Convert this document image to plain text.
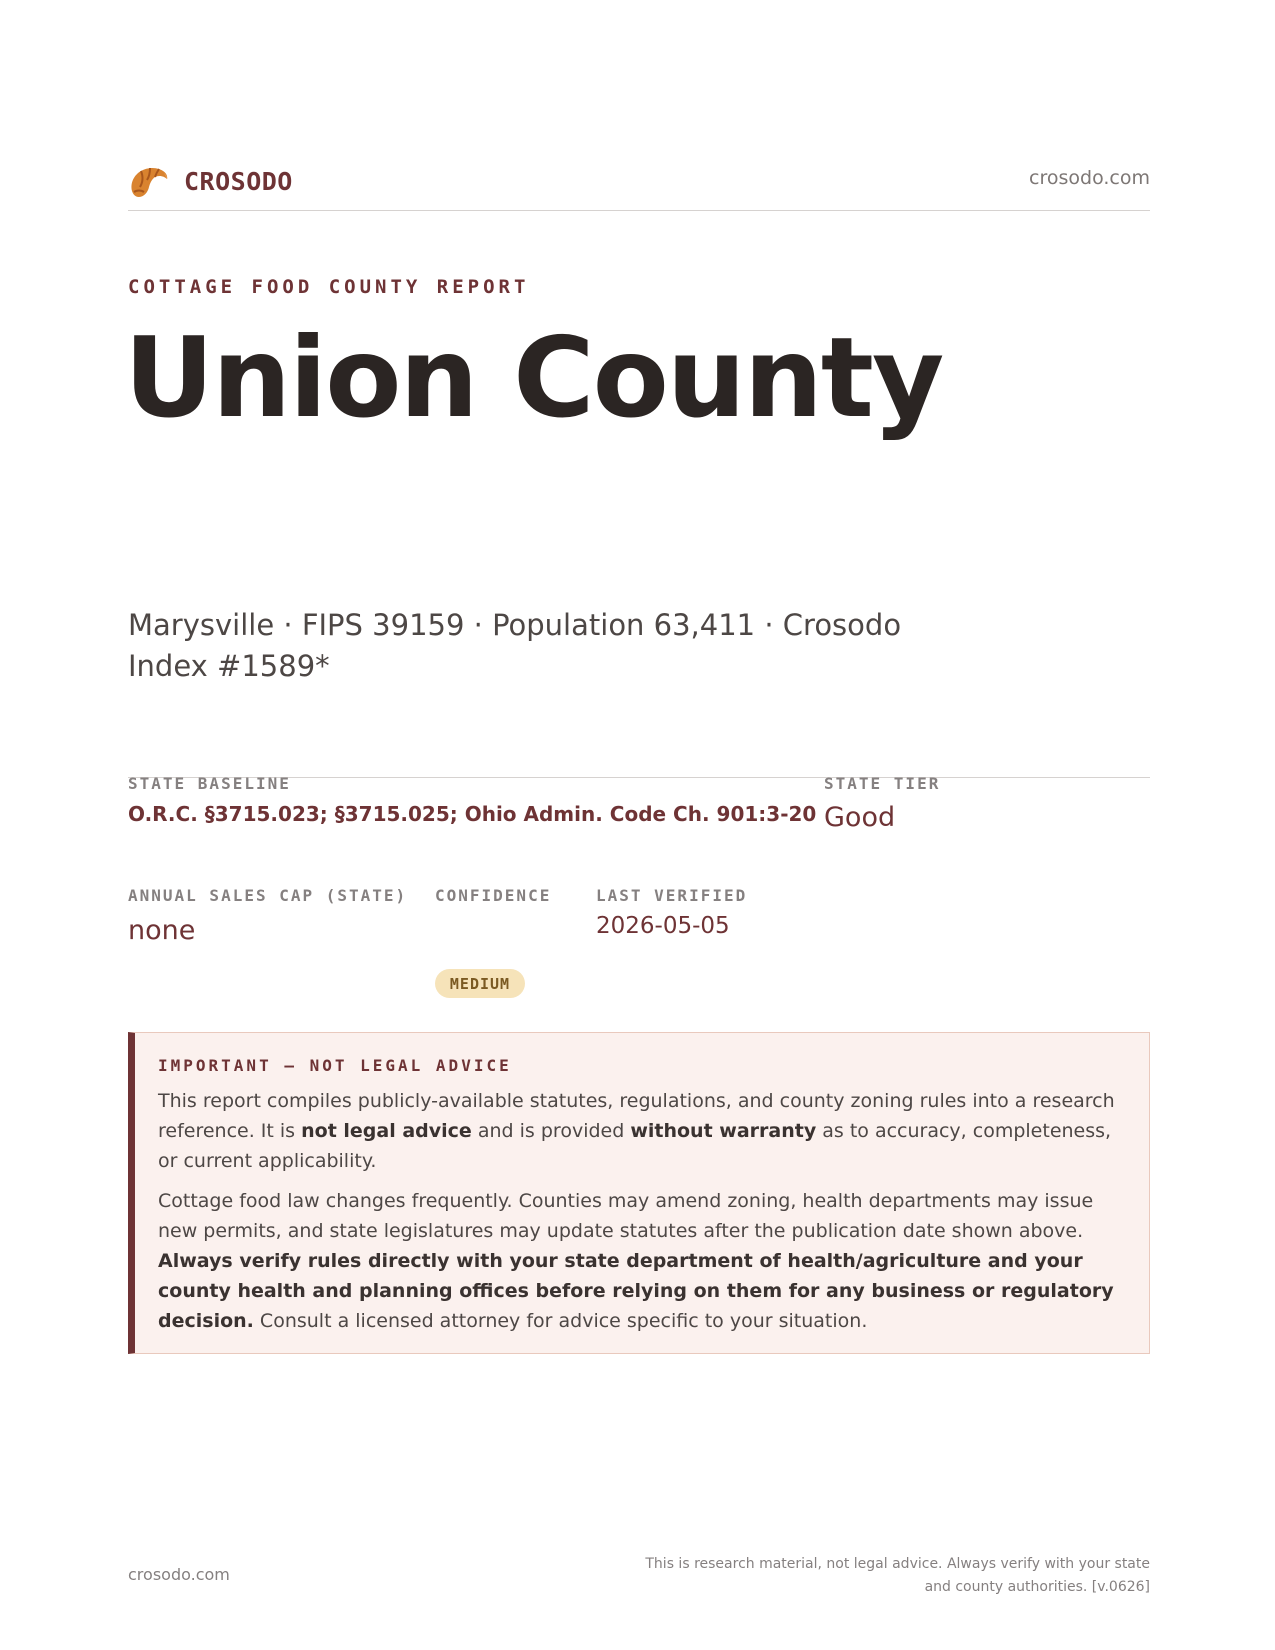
CROSODO	crosodo.com
COTTAGE FOOD COUNTY REPORT
Union County
Marysville · FIPS 39159 · Population 63,411 · Crosodo Index #1589*
STATE BASELINE
O.R.C. §3715.023; §3715.025; Ohio Admin. Code Ch. 901:3-20
STATE TIER
Good
ANNUAL SALES CAP (STATE)
none
CONFIDENCE
MEDIUM
LAST VERIFIED
2026-05-05
IMPORTANT — NOT LEGAL ADVICE

This report compiles publicly-available statutes, regulations, and county zoning rules into a research reference. It is not legal advice and is provided without warranty as to accuracy, completeness, or current applicability.

Cottage food law changes frequently. Counties may amend zoning, health departments may issue new permits, and state legislatures may update statutes after the publication date shown above. Always verify rules directly with your state department of health/agriculture and your county health and planning offices before relying on them for any business or regulatory decision. Consult a licensed attorney for advice specific to your situation.

crosodo.com
This is research material, not legal advice. Always verify with your state
and county authorities. [v.0626]
